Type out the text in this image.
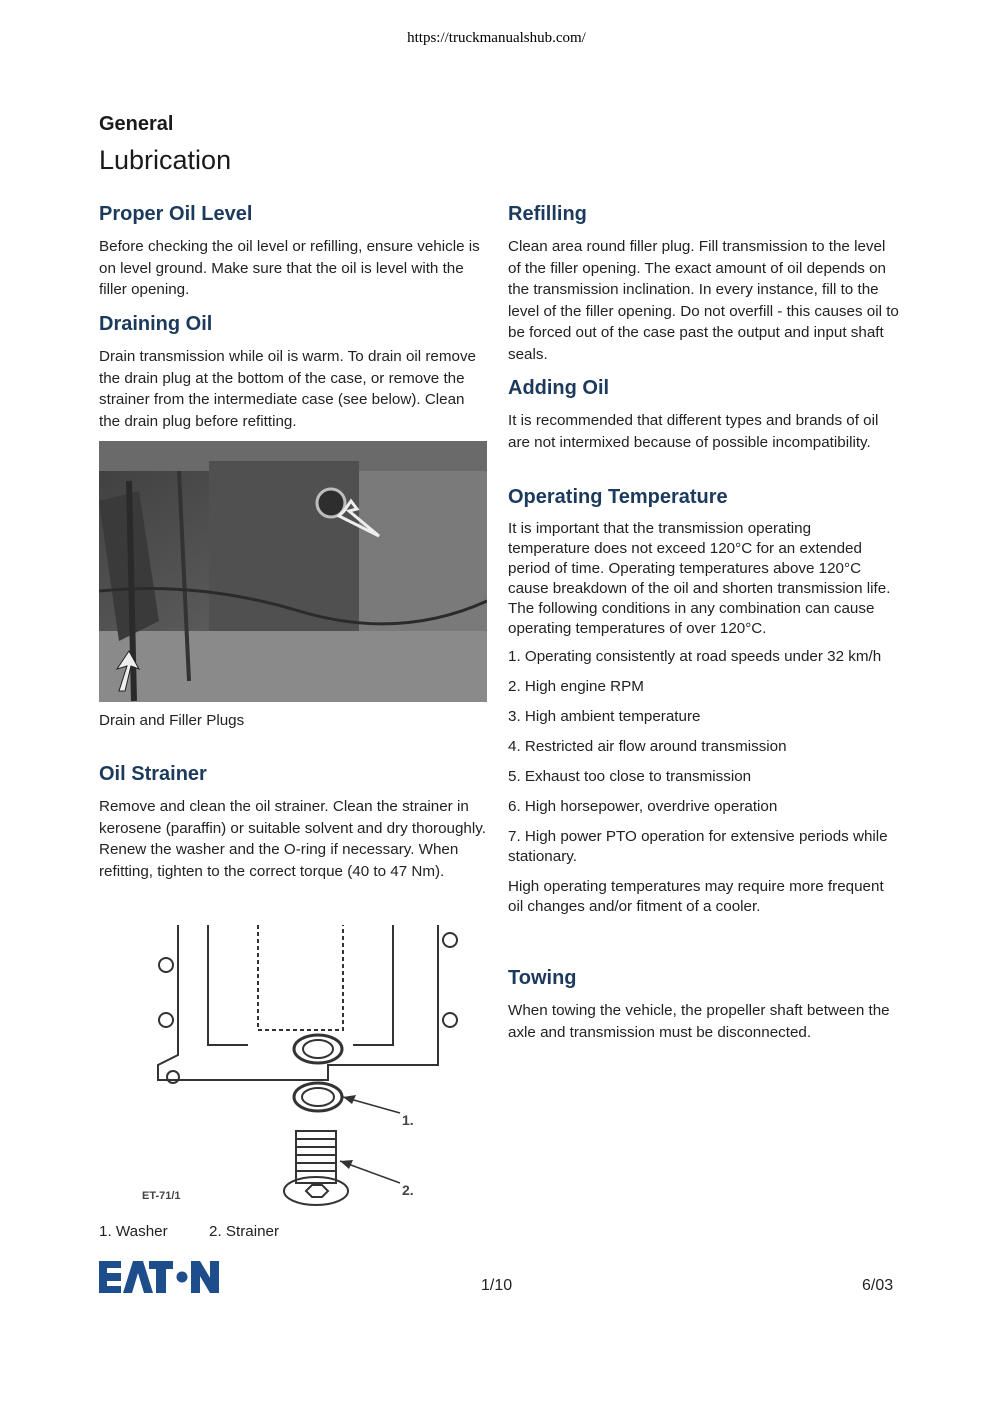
https://truckmanualshub.com/
General
Lubrication
Proper Oil Level

Before checking the oil level or refilling, ensure vehicle is on level ground. Make sure that the oil is level with the filler opening.

Draining Oil

Drain transmission while oil is warm. To drain oil remove the drain plug at the bottom of the case, or remove the strainer from the intermediate case (see below). Clean the drain plug before refitting.

Drain and Filler Plugs
Oil Strainer

Remove and clean the oil strainer. Clean the strainer in kerosene (paraffin) or suitable solvent and dry thoroughly. Renew the washer and the O-ring if necessary. When refitting, tighten to the correct torque (40 to 47 Nm).

1.
2.
ET-71/1
1. Washer	2. Strainer
Refilling

Clean area round filler plug. Fill transmission to the level of the filler opening. The exact amount of oil depends on the transmission inclination. In every instance, fill to the level of the filler opening. Do not overfill - this causes oil to be forced out of the case past the output and input shaft seals.

Adding Oil

It is recommended that different types and brands of oil are not intermixed because of possible incompatibility.

Operating Temperature

It is important that the transmission operating temperature does not exceed 120°C for an extended period of time. Operating temperatures above 120°C cause breakdown of the oil and shorten transmission life. The following conditions in any combination can cause operating temperatures of over 120°C.

1. Operating consistently at road speeds under 32 km/h
2. High engine RPM
3. High ambient temperature
4. Restricted air flow around transmission
5. Exhaust too close to transmission
6. High horsepower, overdrive operation
7. High power PTO operation for extensive periods while stationary.

High operating temperatures may require more frequent oil changes and/or fitment of a cooler.

Towing

When towing the vehicle, the propeller shaft between the axle and transmission must be disconnected.

1/10	6/03
